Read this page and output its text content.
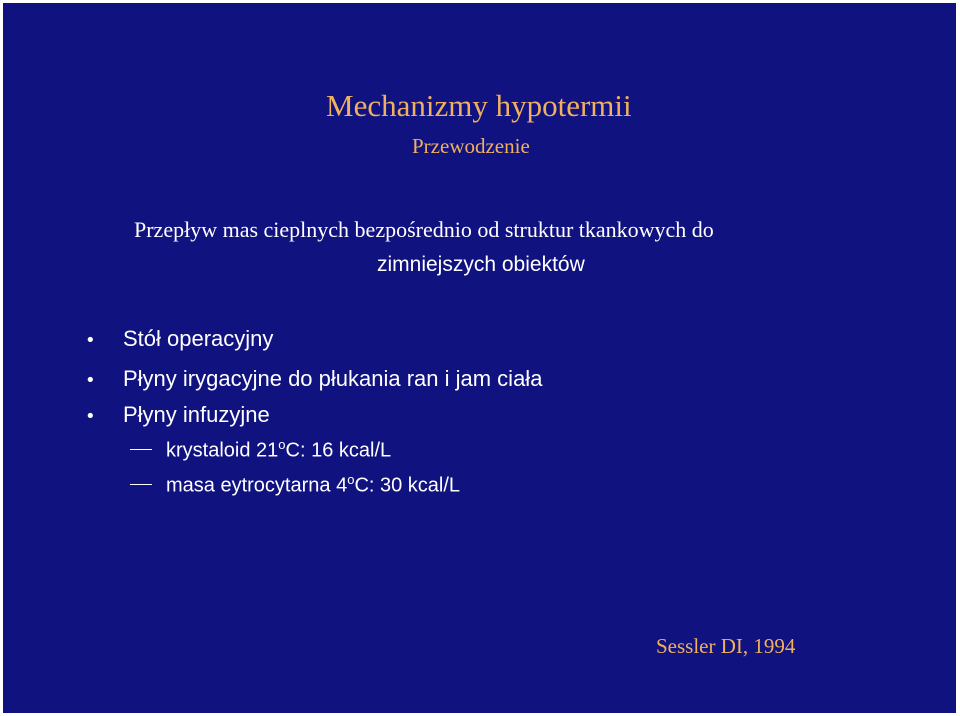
Mechanizmy hypotermii
Przewodzenie
Przepływ mas cieplnych bezpośrednio od struktur tkankowych do
zimniejszych obiektów
• Stół operacyjny
• Płyny irygacyjne do płukania ran i jam ciała
• Płyny infuzyjne
krystaloid 21$^o$C: 16 kcal/L
masa eytrocytarna 4$^o$C: 30 kcal/L
Sessler DI, 1994
